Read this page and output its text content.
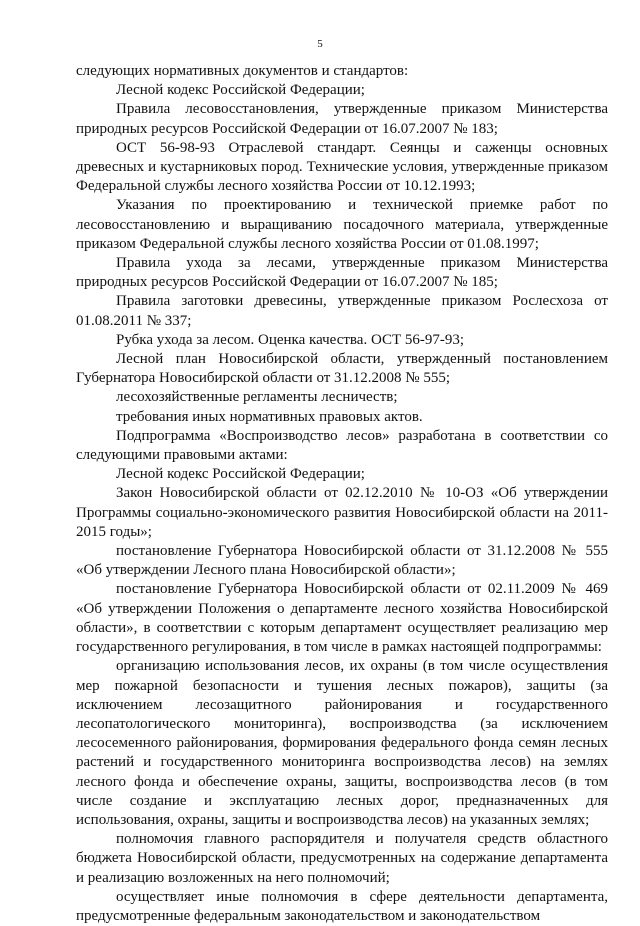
5

следующих нормативных документов и стандартов:

Лесной кодекс Российской Федерации;

Правила лесовосстановления, утвержденные приказом Министерства природных ресурсов Российской Федерации от 16.07.2007 № 183;

ОСТ 56-98-93 Отраслевой стандарт. Сеянцы и саженцы основных древесных и кустарниковых пород. Технические условия, утвержденные приказом Федеральной службы лесного хозяйства России от 10.12.1993;

Указания по проектированию и технической приемке работ по лесовосстановлению и выращиванию посадочного материала, утвержденные приказом Федеральной службы лесного хозяйства России от 01.08.1997;

Правила ухода за лесами, утвержденные приказом Министерства природных ресурсов Российской Федерации от 16.07.2007 № 185;

Правила заготовки древесины, утвержденные приказом Рослесхоза от 01.08.2011 № 337;

Рубка ухода за лесом. Оценка качества. ОСТ 56-97-93;

Лесной план Новосибирской области, утвержденный постановлением Губернатора Новосибирской области от 31.12.2008 № 555;

лесохозяйственные регламенты лесничеств;

требования иных нормативных правовых актов.

Подпрограмма «Воспроизводство лесов» разработана в соответствии со следующими правовыми актами:

Лесной кодекс Российской Федерации;

Закон Новосибирской области от 02.12.2010 № 10-ОЗ «Об утверждении Программы социально-экономического развития Новосибирской области на 2011-2015 годы»;

постановление Губернатора Новосибирской области от 31.12.2008 № 555 «Об утверждении Лесного плана Новосибирской области»;

постановление Губернатора Новосибирской области от 02.11.2009 № 469 «Об утверждении Положения о департаменте лесного хозяйства Новосибирской области», в соответствии с которым департамент осуществляет реализацию мер государственного регулирования, в том числе в рамках настоящей подпрограммы:

организацию использования лесов, их охраны (в том числе осуществления мер пожарной безопасности и тушения лесных пожаров), защиты (за исключением лесозащитного районирования и государственного лесопатологического мониторинга), воспроизводства (за исключением лесосеменного районирования, формирования федерального фонда семян лесных растений и государственного мониторинга воспроизводства лесов) на землях лесного фонда и обеспечение охраны, защиты, воспроизводства лесов (в том числе создание и эксплуатацию лесных дорог, предназначенных для использования, охраны, защиты и воспроизводства лесов) на указанных землях;

полномочия главного распорядителя и получателя средств областного бюджета Новосибирской области, предусмотренных на содержание департамента и реализацию возложенных на него полномочий;

осуществляет иные полномочия в сфере деятельности департамента, предусмотренные федеральным законодательством и законодательством
